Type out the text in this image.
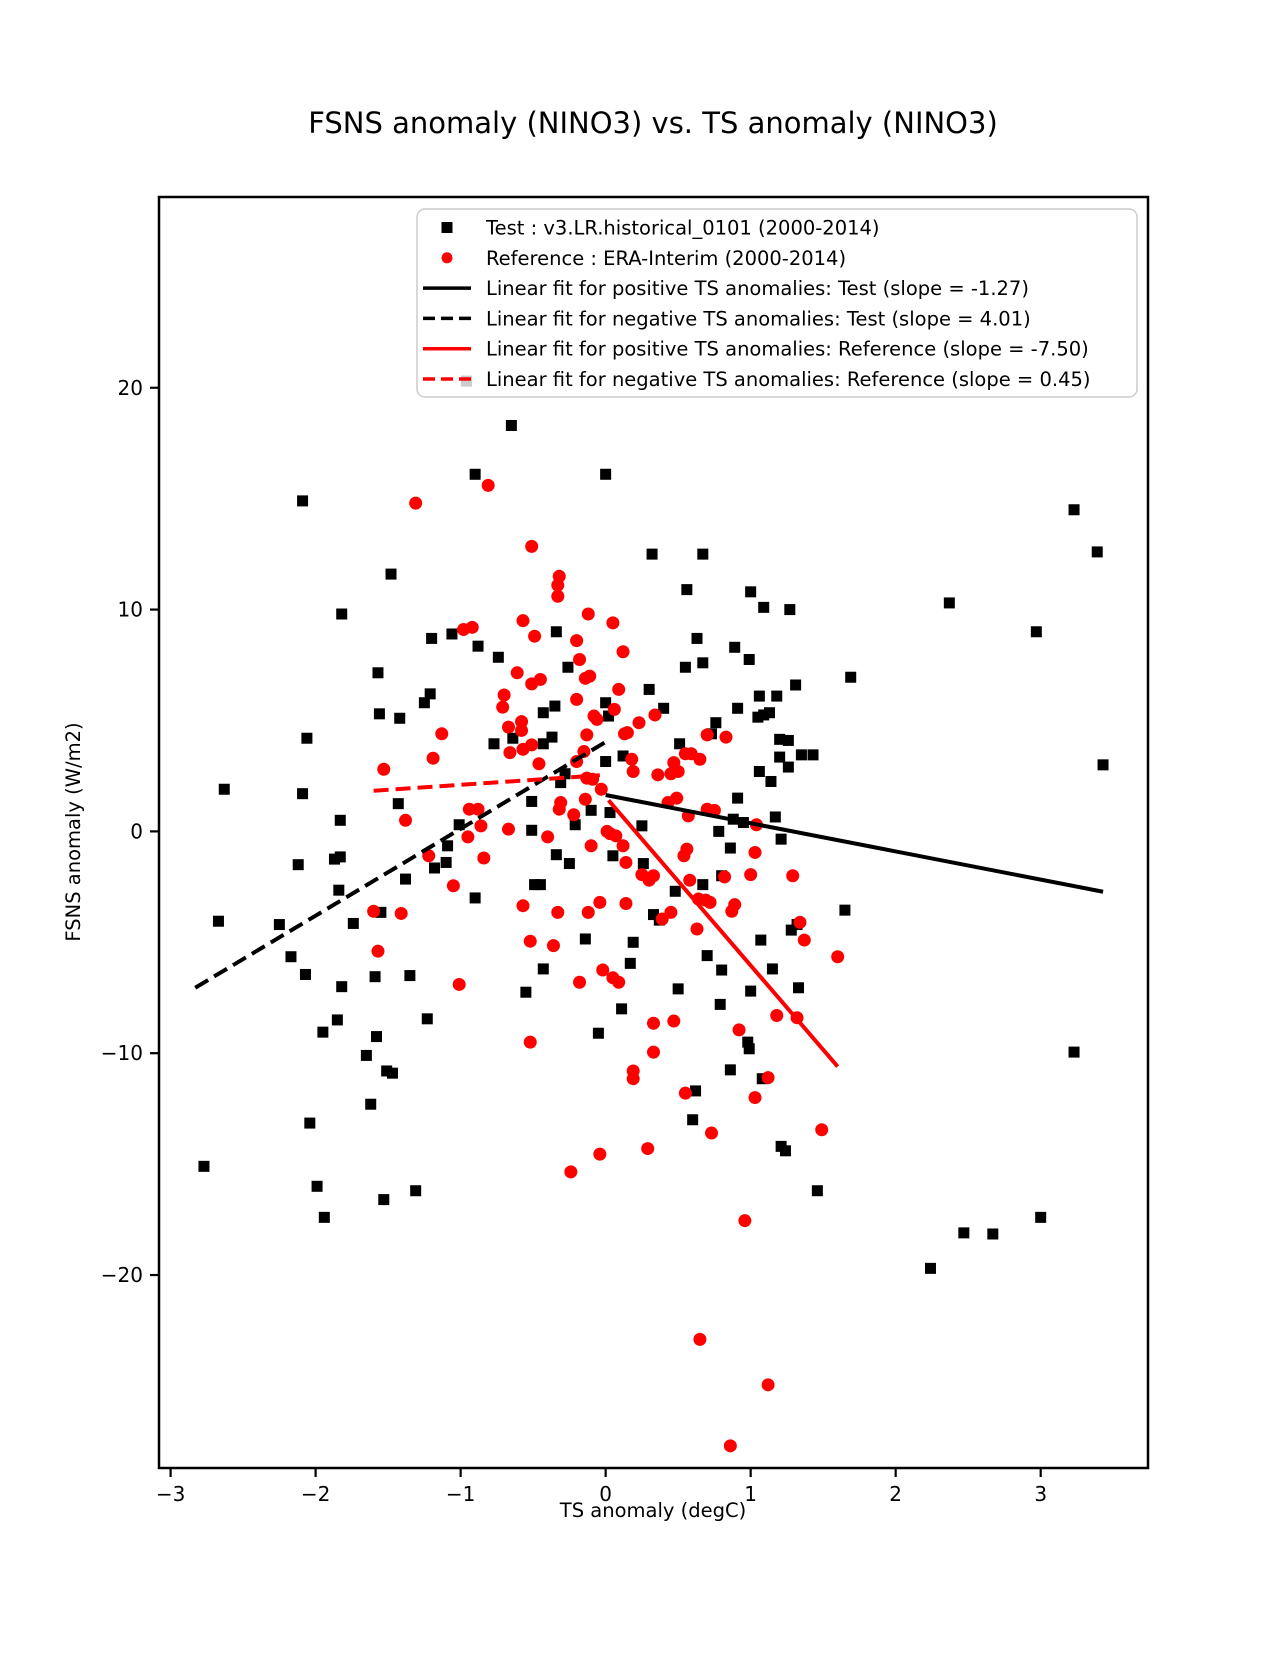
FSNS anomaly (NINO3) vs. TS anomaly (NINO3)
−3	−2	−1	0	1	2	3
−20
−10
0
10
20
TS anomaly (degC)
FSNS anomaly (W/m2)
Test : v3.LR.historical_0101 (2000-2014)
Reference : ERA-Interim (2000-2014)
Linear fit for positive TS anomalies: Test (slope = -1.27)
Linear fit for negative TS anomalies: Test (slope = 4.01)
Linear fit for positive TS anomalies: Reference (slope = -7.50)
Linear fit for negative TS anomalies: Reference (slope = 0.45)
